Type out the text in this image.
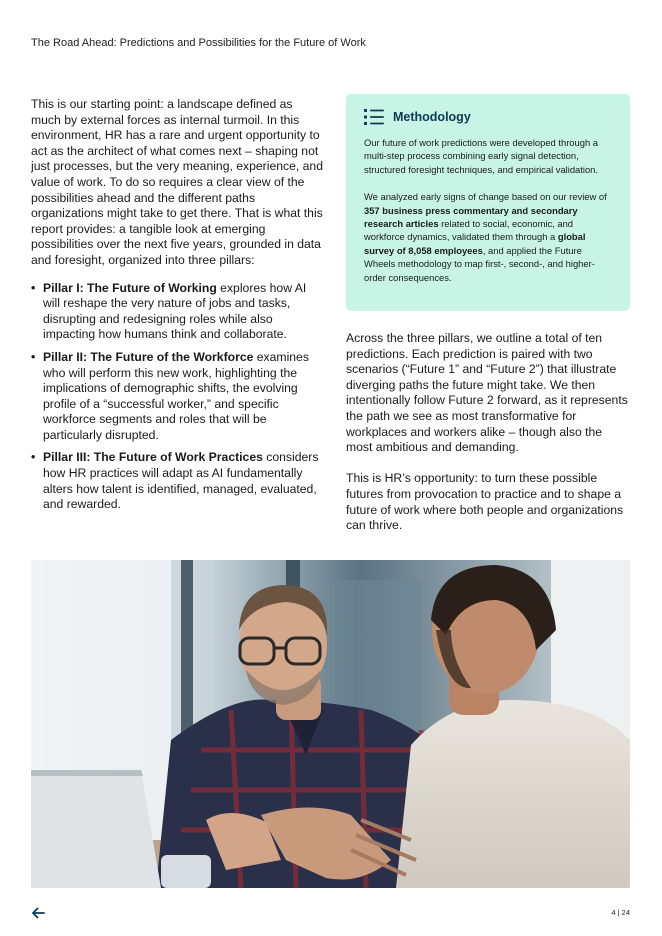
The Road Ahead: Predictions and Possibilities for the Future of Work

This is our starting point: a landscape defined as much by external forces as internal turmoil. In this environment, HR has a rare and urgent opportunity to act as the architect of what comes next – shaping not just processes, but the very meaning, experience, and value of work. To do so requires a clear view of the possibilities ahead and the different paths organizations might take to get there. That is what this report provides: a tangible look at emerging possibilities over the next five years, grounded in data and foresight, organized into three pillars:

• Pillar I: The Future of Working explores how AI will reshape the very nature of jobs and tasks, disrupting and redesigning roles while also impacting how humans think and collaborate.
• Pillar II: The Future of the Workforce examines who will perform this new work, highlighting the implications of demographic shifts, the evolving profile of a “successful worker,” and specific workforce segments and roles that will be particularly disrupted.
• Pillar III: The Future of Work Practices considers how HR practices will adapt as AI fundamentally alters how talent is identified, managed, evaluated, and rewarded.
Methodology

Our future of work predictions were developed through a multi-step process combining early signal detection, structured foresight techniques, and empirical validation.

We analyzed early signs of change based on our review of 357 business press commentary and secondary research articles related to social, economic, and workforce dynamics, validated them through a global survey of 8,058 employees, and applied the Future Wheels methodology to map first-, second-, and higher-order consequences.

Across the three pillars, we outline a total of ten predictions. Each prediction is paired with two scenarios (“Future 1” and “Future 2”) that illustrate diverging paths the future might take. We then intentionally follow Future 2 forward, as it represents the path we see as most transformative for workplaces and workers alike – though also the most ambitious and demanding.

This is HR’s opportunity: to turn these possible futures from provocation to practice and to shape a future of work where both people and organizations can thrive.

4 | 24
